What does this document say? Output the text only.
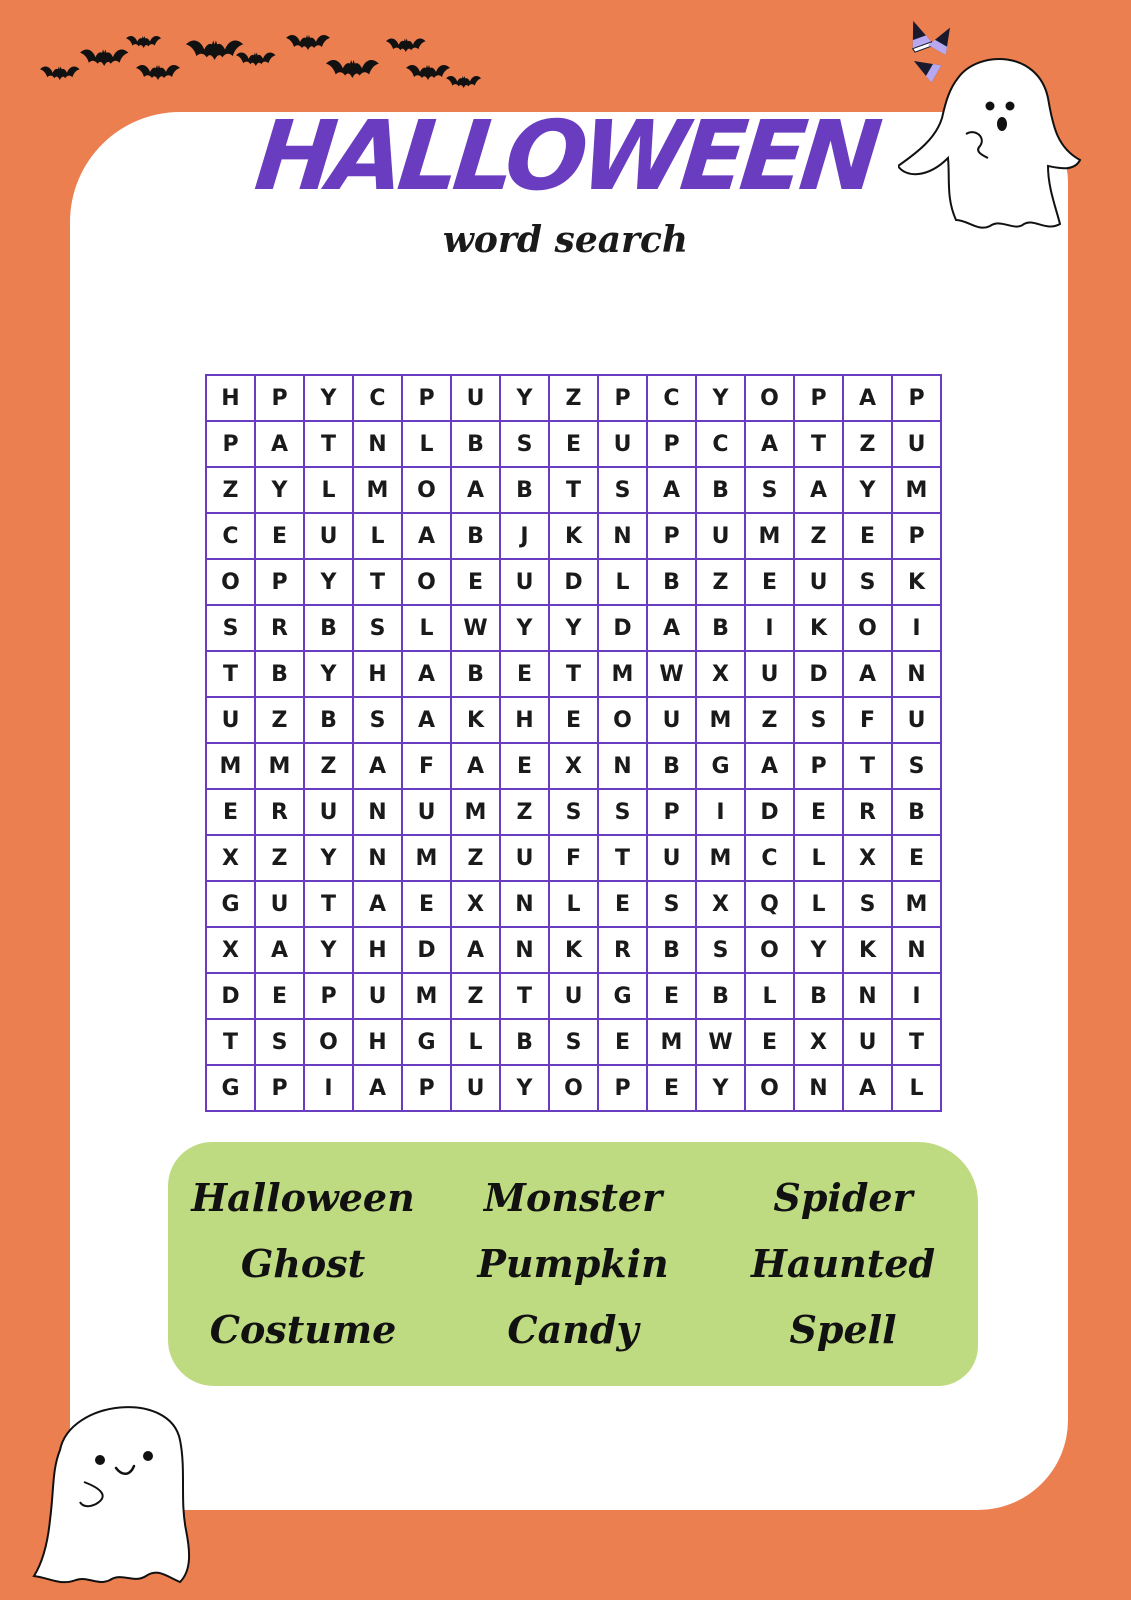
HALLOWEEN
word search
H	P	Y	C	P	U	Y	Z	P	C	Y	O	P	A	P
P	A	T	N	L	B	S	E	U	P	C	A	T	Z	U
Z	Y	L	M	O	A	B	T	S	A	B	S	A	Y	M
C	E	U	L	A	B	J	K	N	P	U	M	Z	E	P
O	P	Y	T	O	E	U	D	L	B	Z	E	U	S	K
S	R	B	S	L	W	Y	Y	D	A	B	I	K	O	I
T	B	Y	H	A	B	E	T	M	W	X	U	D	A	N
U	Z	B	S	A	K	H	E	O	U	M	Z	S	F	U
M	M	Z	A	F	A	E	X	N	B	G	A	P	T	S
E	R	U	N	U	M	Z	S	S	P	I	D	E	R	B
X	Z	Y	N	M	Z	U	F	T	U	M	C	L	X	E
G	U	T	A	E	X	N	L	E	S	X	Q	L	S	M
X	A	Y	H	D	A	N	K	R	B	S	O	Y	K	N
D	E	P	U	M	Z	T	U	G	E	B	L	B	N	I
T	S	O	H	G	L	B	S	E	M	W	E	X	U	T
G	P	I	A	P	U	Y	O	P	E	Y	O	N	A	L
Halloween	Monster	Spider
Ghost	Pumpkin	Haunted
Costume	Candy	Spell
